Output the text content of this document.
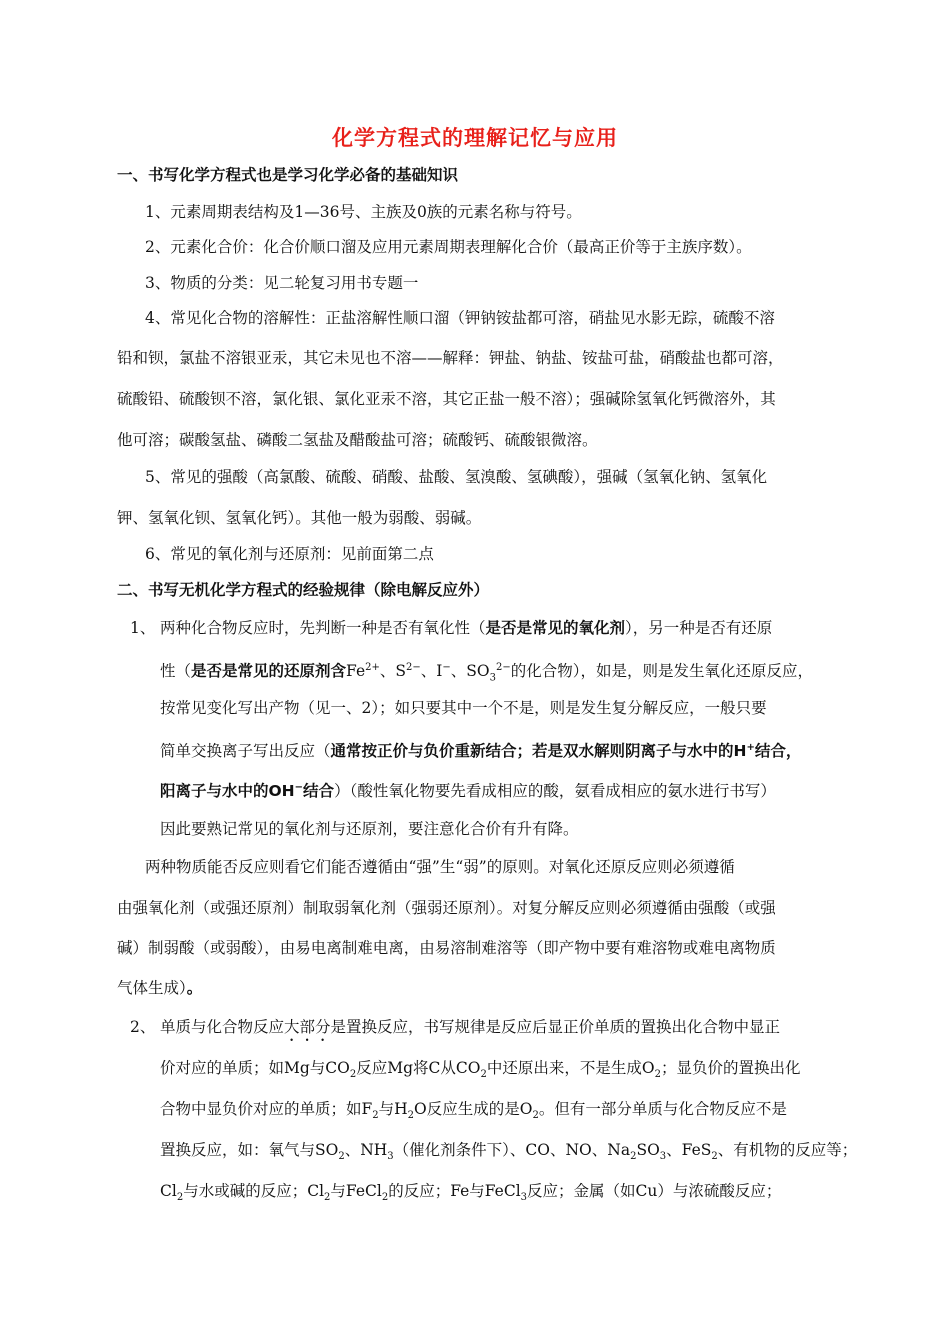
化学方程式的理解记忆与应用
一、书写化学方程式也是学习化学必备的基础知识
1、元素周期表结构及1—36号、主族及0族的元素名称与符号。
2、元素化合价：化合价顺口溜及应用元素周期表理解化合价（最高正价等于主族序数）。
3、物质的分类：见二轮复习用书专题一
4、常见化合物的溶解性：正盐溶解性顺口溜（钾钠铵盐都可溶，硝盐见水影无踪，硫酸不溶
铅和钡，氯盐不溶银亚汞，其它未见也不溶——解释：钾盐、钠盐、铵盐可盐，硝酸盐也都可溶，
硫酸铅、硫酸钡不溶，氯化银、氯化亚汞不溶，其它正盐一般不溶）；强碱除氢氧化钙微溶外，其
他可溶；碳酸氢盐、磷酸二氢盐及醋酸盐可溶；硫酸钙、硫酸银微溶。
5、常见的强酸（高氯酸、硫酸、硝酸、盐酸、氢溴酸、氢碘酸），强碱（氢氧化钠、氢氧化
钾、氢氧化钡、氢氧化钙）。其他一般为弱酸、弱碱。
6、常见的氧化剂与还原剂：见前面第二点
二、书写无机化学方程式的经验规律（除电解反应外）
1、 两种化合物反应时，先判断一种是否有氧化性（是否是常见的氧化剂），另一种是否有还原
性（是否是常见的还原剂含$Fe^{2+}$、$S^{2-}$、I−、$SO_3^{2-}$的化合物），如是，则是发生氧化还原反应，
按常见变化写出产物（见一、2）；如只要其中一个不是，则是发生复分解反应，一般只要
简单交换离子写出反应（通常按正价与负价重新结合；若是双水解则阴离子与水中的H+结合，
阳离子与水中的OH−结合）（酸性氧化物要先看成相应的酸，氨看成相应的氨水进行书写）
因此要熟记常见的氧化剂与还原剂，要注意化合价有升有降。
两种物质能否反应则看它们能否遵循由“强”生“弱”的原则。对氧化还原反应则必须遵循
由强氧化剂（或强还原剂）制取弱氧化剂（强弱还原剂）。对复分解反应则必须遵循由强酸（或强
碱）制弱酸（或弱酸），由易电离制难电离，由易溶制难溶等（即产物中要有难溶物或难电离物质
气体生成）。
2、 单质与化合物反应大部分是置换反应，书写规律是反应后显正价单质的置换出化合物中显正
价对应的单质；如Mg与$CO_2$反应Mg将C从$CO_2$中还原出来，不是生成$O_2$；显负价的置换出化
合物中显负价对应的单质；如$F_2$与$H_2O$反应生成的是$O_2$。但有一部分单质与化合物反应不是
置换反应，如：氧气与$SO_2$、$NH_3$（催化剂条件下）、CO、NO、$Na_2SO_3$、FeS$_2$、有机物的反应等；
$Cl_2$与水或碱的反应；$Cl_2$与FeCl$_2$的反应；Fe与FeCl$_3$反应；金属（如Cu）与浓硫酸反应；
